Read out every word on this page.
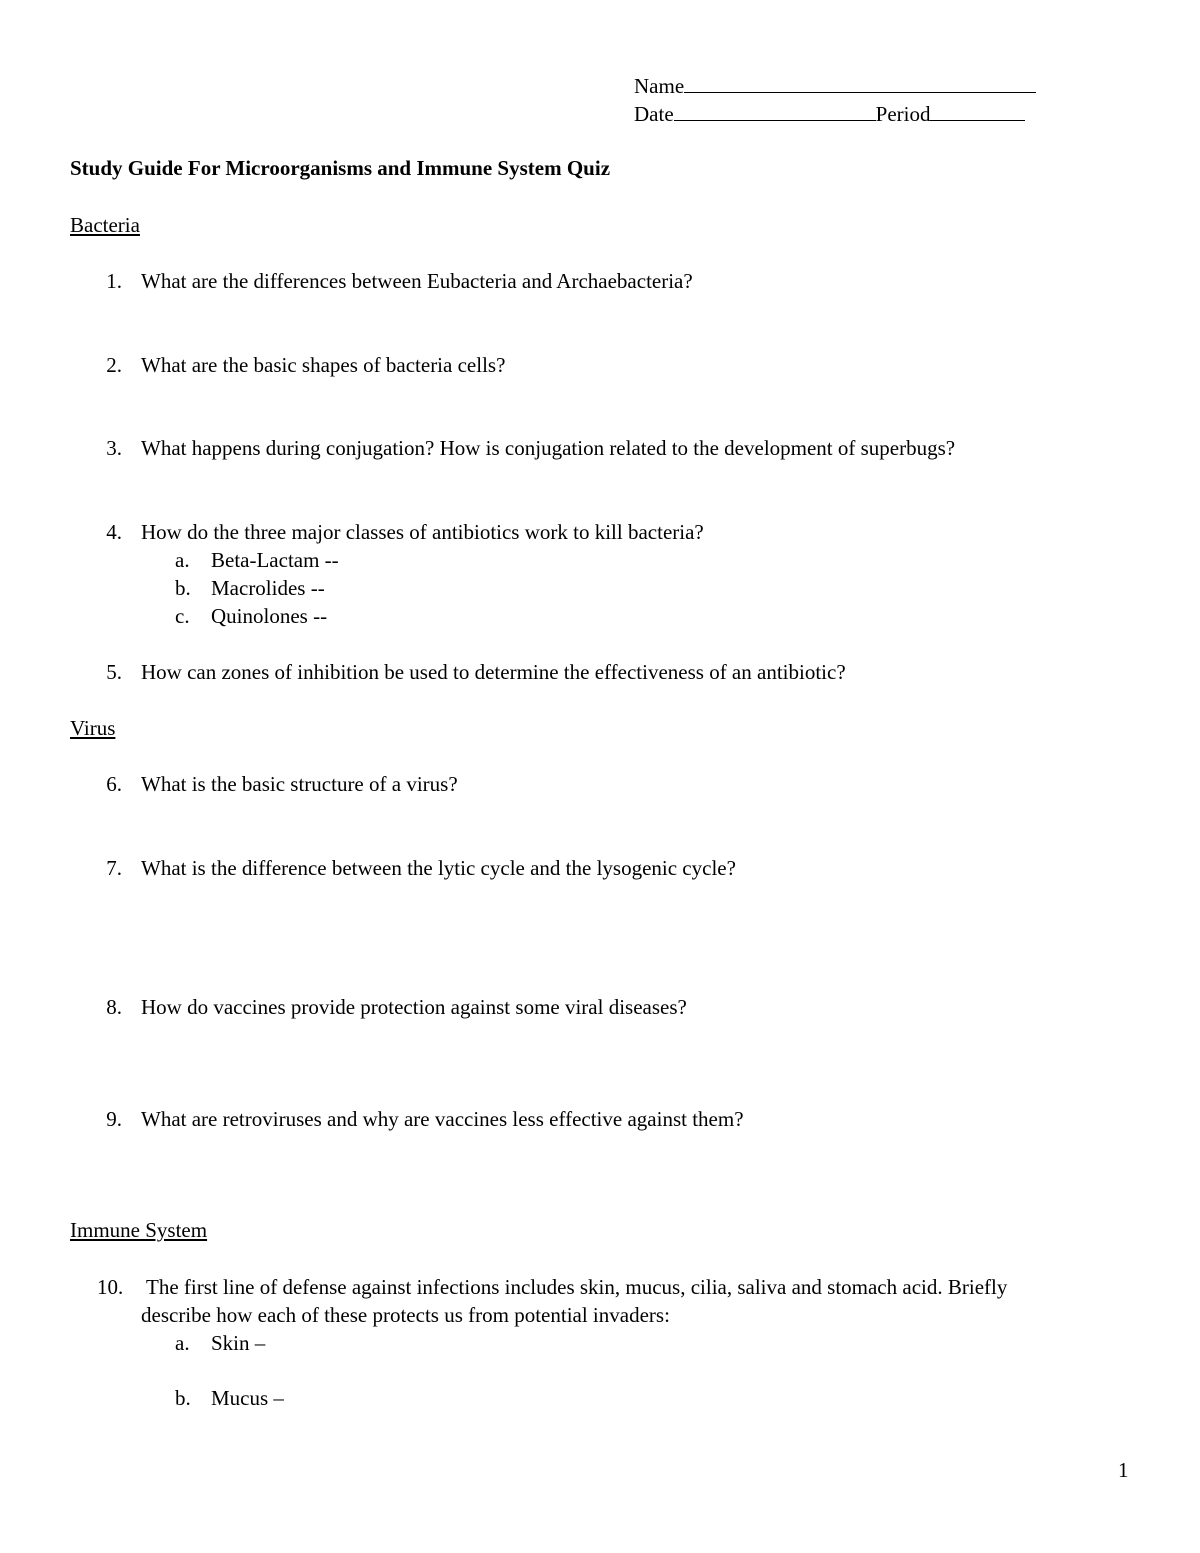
Name
Date	Period
Study Guide For Microorganisms and Immune System Quiz
Bacteria
1. What are the differences between Eubacteria and Archaebacteria?
2. What are the basic shapes of bacteria cells?
3. What happens during conjugation? How is conjugation related to the development of superbugs?
4. How do the three major classes of antibiotics work to kill bacteria?
a.	Beta-Lactam --
b. Macrolides --
c.	Quinolones --
5. How can zones of inhibition be used to determine the effectiveness of an antibiotic?
Virus
6. What is the basic structure of a virus?
7. What is the difference between the lytic cycle and the lysogenic cycle?
8. How do vaccines provide protection against some viral diseases?
9. What are retroviruses and why are vaccines less effective against them?
Immune System
10.	The first line of defense against infections includes skin, mucus, cilia, saliva and stomach acid. Briefly
describe how each of these protects us from potential invaders:
a.	Skin –
b. Mucus –
1
